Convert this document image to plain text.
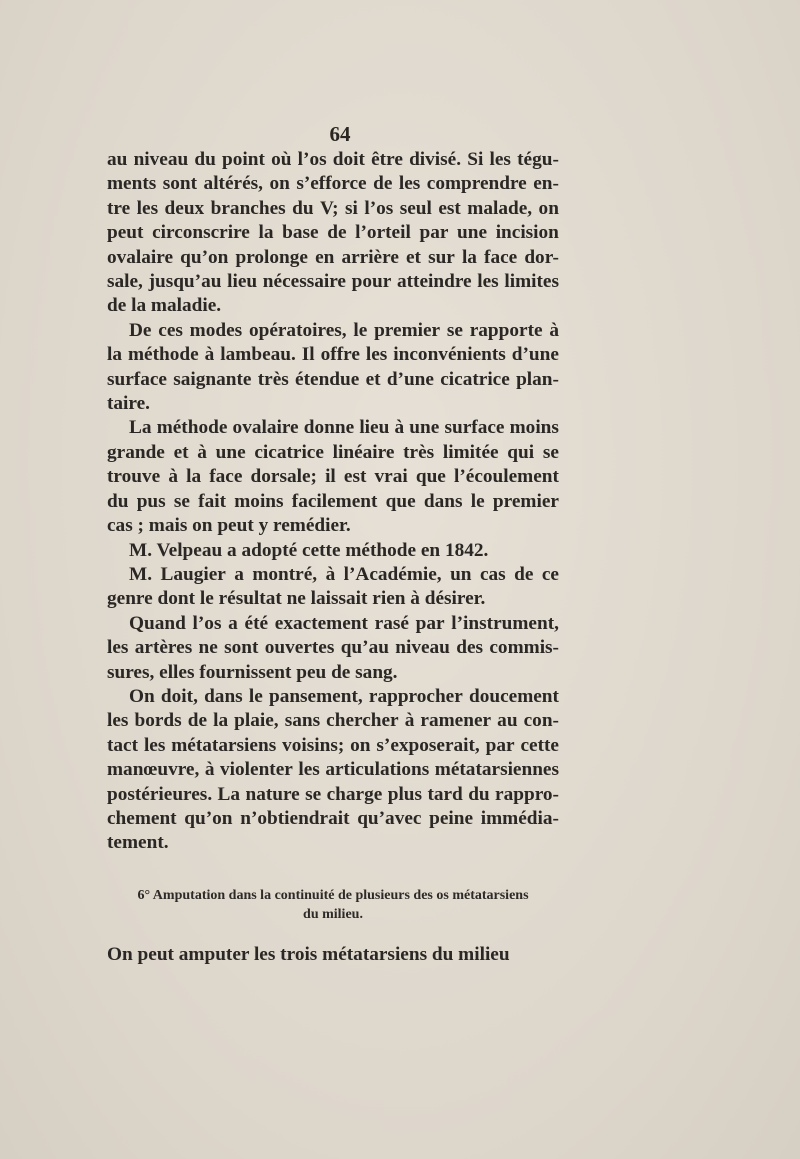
64
au niveau du point où l’os doit être divisé. Si les tégu-
ments sont altérés, on s’efforce de les comprendre en-
tre les deux branches du V; si l’os seul est malade, on
peut circonscrire la base de l’orteil par une incision
ovalaire qu’on prolonge en arrière et sur la face dor-
sale, jusqu’au lieu nécessaire pour atteindre les limites
de la maladie.
De ces modes opératoires, le premier se rapporte à
la méthode à lambeau. Il offre les inconvénients d’une
surface saignante très étendue et d’une cicatrice plan-
taire.
La méthode ovalaire donne lieu à une surface moins
grande et à une cicatrice linéaire très limitée qui se
trouve à la face dorsale; il est vrai que l’écoulement
du pus se fait moins facilement que dans le premier
cas ; mais on peut y remédier.
M. Velpeau a adopté cette méthode en 1842.
M. Laugier a montré, à l’Académie, un cas de ce
genre dont le résultat ne laissait rien à désirer.
Quand l’os a été exactement rasé par l’instrument,
les artères ne sont ouvertes qu’au niveau des commis-
sures, elles fournissent peu de sang.
On doit, dans le pansement, rapprocher doucement
les bords de la plaie, sans chercher à ramener au con-
tact les métatarsiens voisins; on s’exposerait, par cette
manœuvre, à violenter les articulations métatarsiennes
postérieures. La nature se charge plus tard du rappro-
chement qu’on n’obtiendrait qu’avec peine immédia-
tement.
6° Amputation dans la continuité de plusieurs des os métatarsiens
du milieu.
On peut amputer les trois métatarsiens du milieu
